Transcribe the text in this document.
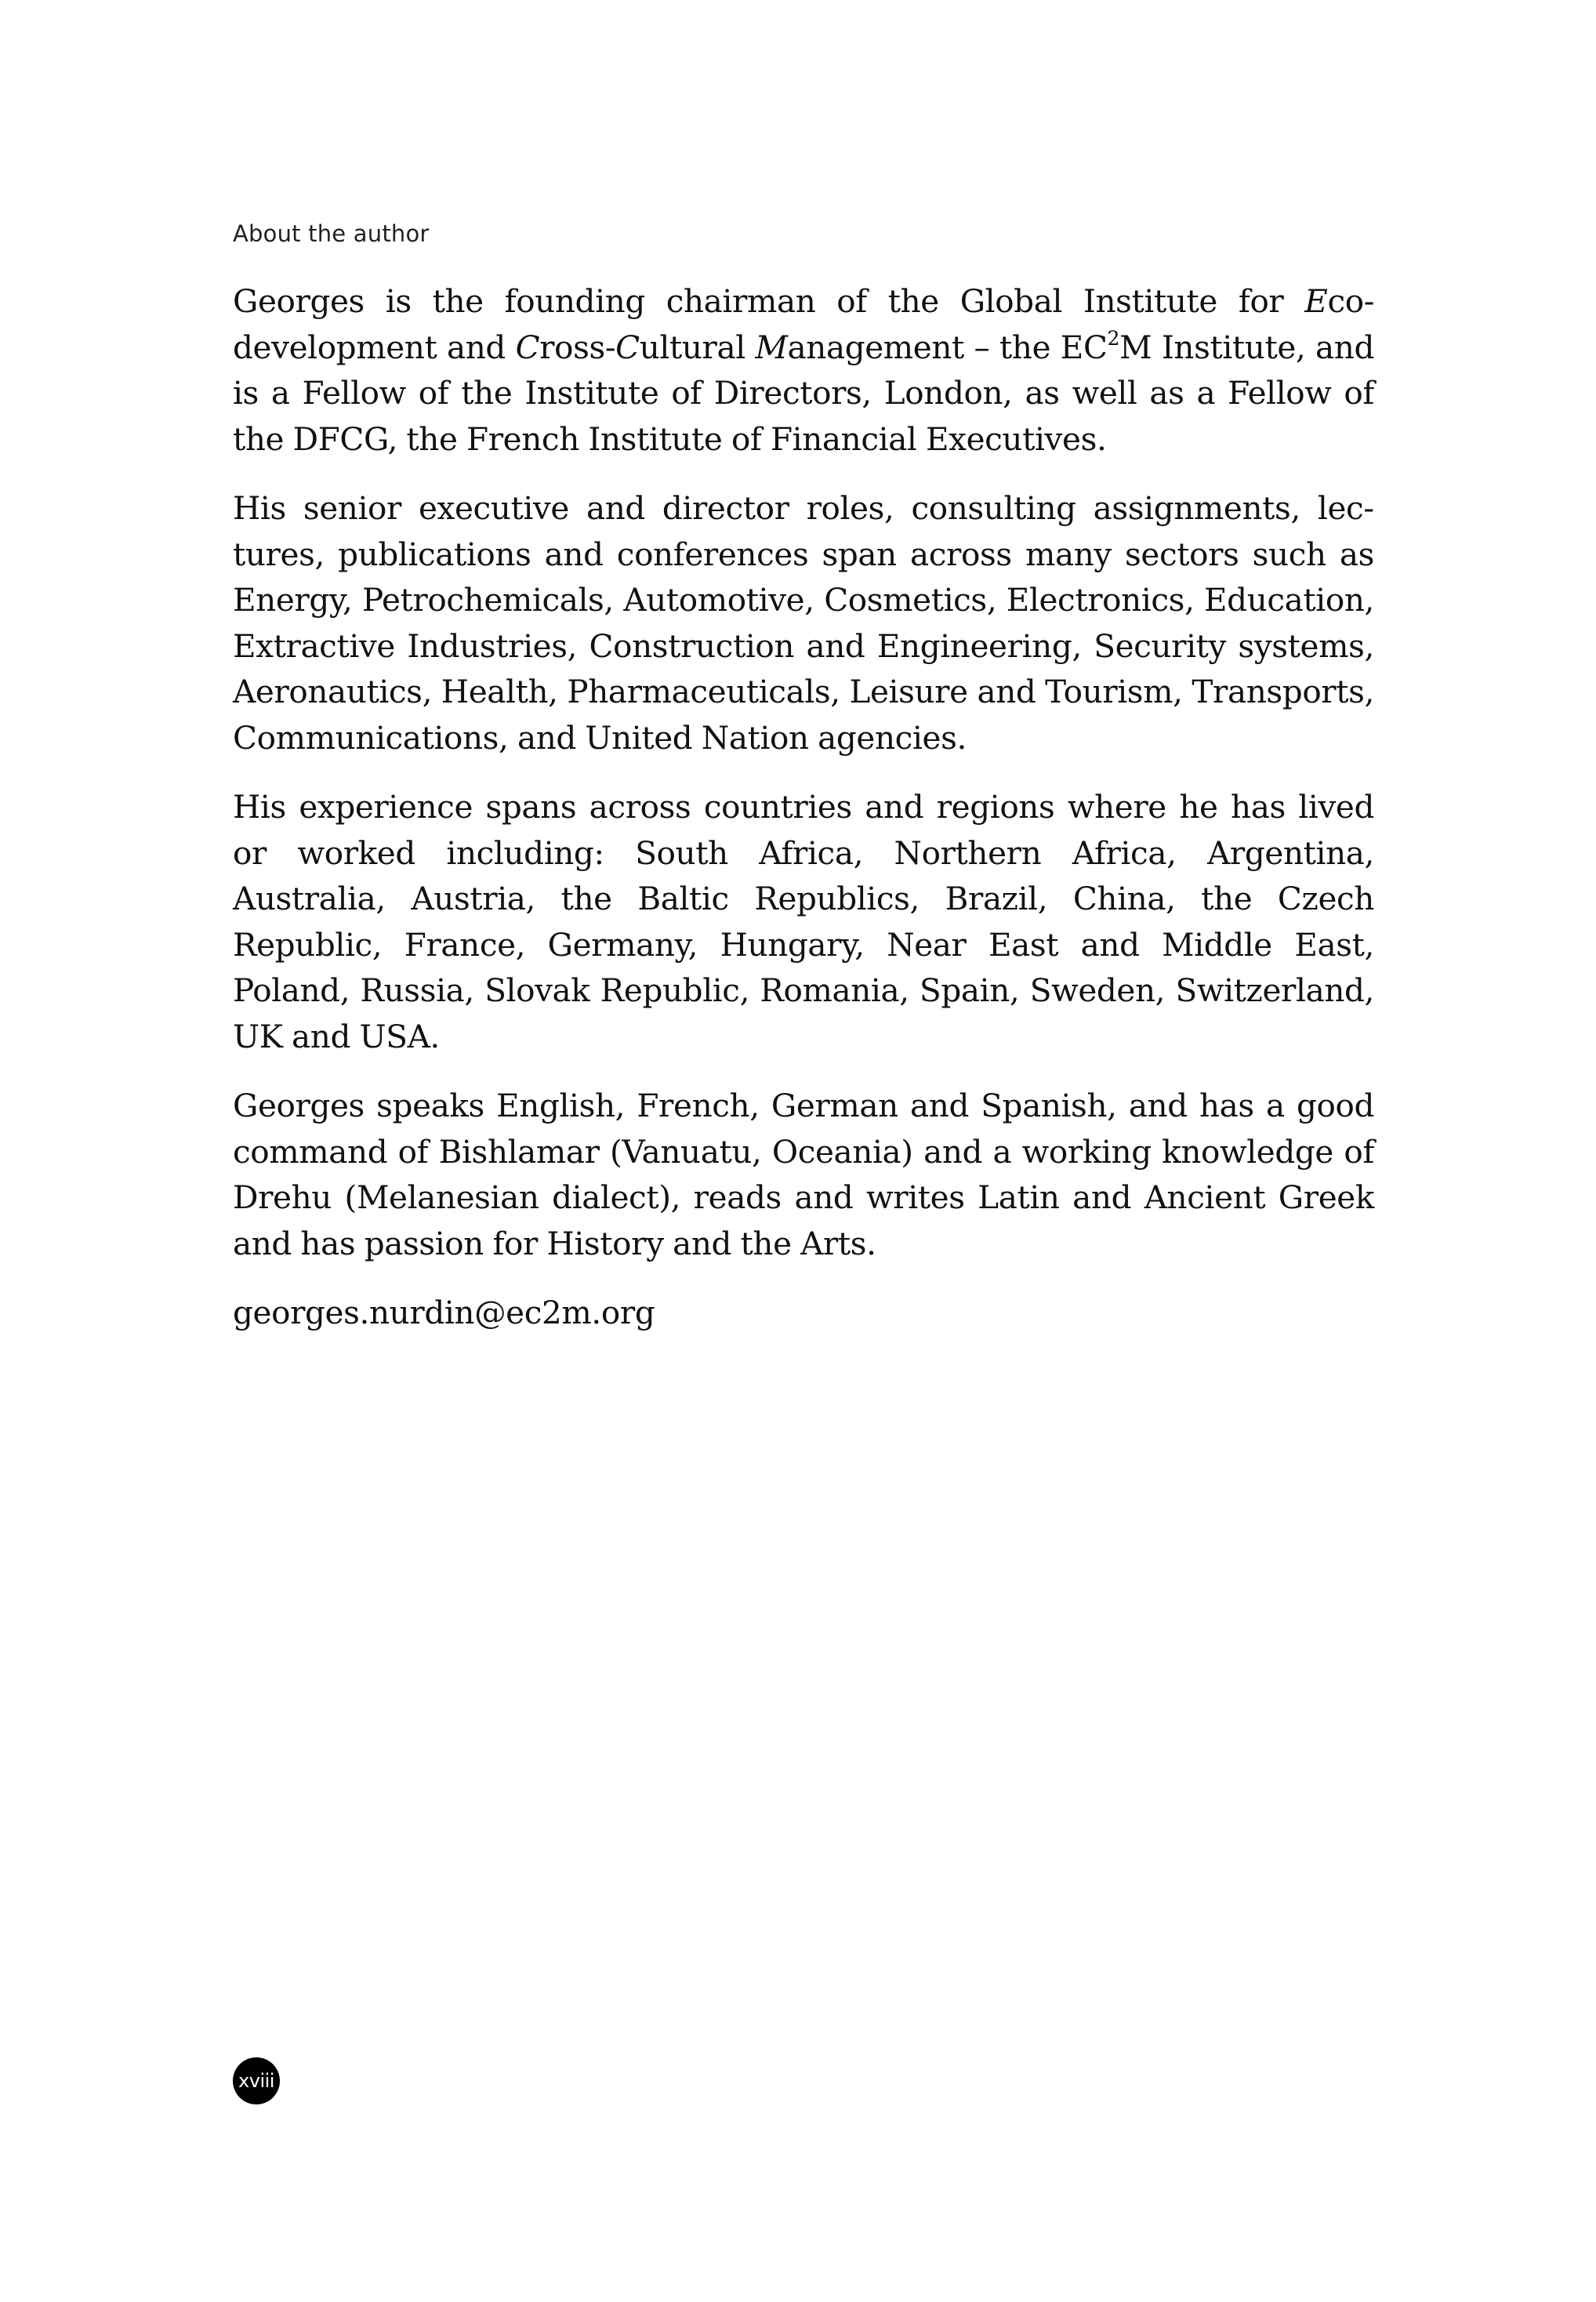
About the author

Georges is the founding chairman of the Global Institute for Eco-development and Cross-Cultural Management – the $EC^2M$ Institute, and is a Fellow of the Institute of Directors, London, as well as a Fellow of the DFCG, the French Institute of Financial Executives.

His senior executive and director roles, consulting assignments, lectures, publications and conferences span across many sectors such as Energy, Petrochemicals, Automotive, Cosmetics, Electronics, Education, Extractive Industries, Construction and Engineering, Security systems, Aeronautics, Health, Pharmaceuticals, Leisure and Tourism, Transports, Communications, and United Nation agencies.

His experience spans across countries and regions where he has lived or worked including: South Africa, Northern Africa, Argentina, Australia, Austria, the Baltic Republics, Brazil, China, the Czech Republic, France, Germany, Hungary, Near East and Middle East, Poland, Russia, Slovak Republic, Romania, Spain, Sweden, Switzerland, UK and USA.

Georges speaks English, French, German and Spanish, and has a good command of Bishlamar (Vanuatu, Oceania) and a working knowledge of Drehu (Melanesian dialect), reads and writes Latin and Ancient Greek and has passion for History and the Arts.

georges.nurdin@ec2m.org

xviii
